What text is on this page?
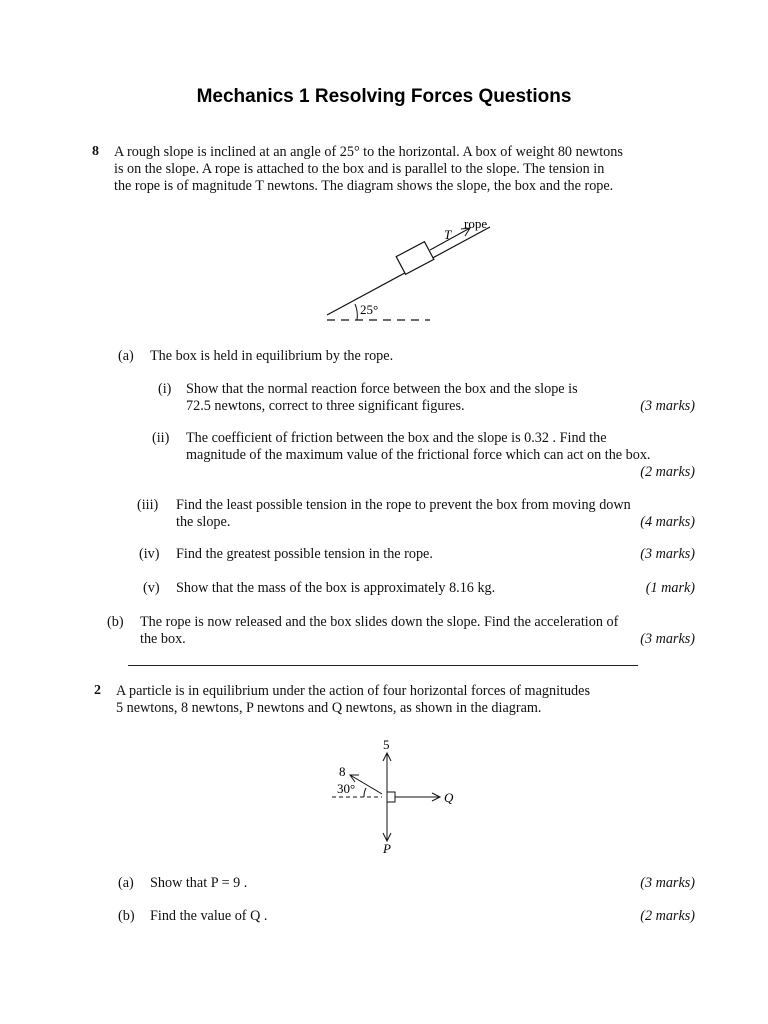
Mechanics 1 Resolving Forces Questions
8 A rough slope is inclined at an angle of 25° to the horizontal. A box of weight 80 newtons
is on the slope. A rope is attached to the box and is parallel to the slope. The tension in
the rope is of magnitude T newtons. The diagram shows the slope, the box and the rope.
25°
T
rope
(a) The box is held in equilibrium by the rope.
(i) Show that the normal reaction force between the box and the slope is
72.5 newtons, correct to three significant figures.	(3 marks)
(ii) The coefficient of friction between the box and the slope is 0.32 . Find the
magnitude of the maximum value of the frictional force which can act on the box.
(2 marks)
(iii) Find the least possible tension in the rope to prevent the box from moving down
the slope.	(4 marks)
(iv) Find the greatest possible tension in the rope.	(3 marks)
(v) Show that the mass of the box is approximately 8.16 kg.	(1 mark)
(b) The rope is now released and the box slides down the slope. Find the acceleration of
the box.	(3 marks)
2 A particle is in equilibrium under the action of four horizontal forces of magnitudes
5 newtons, 8 newtons, P newtons and Q newtons, as shown in the diagram.
5
Q
P
8
30°
(a) Show that P = 9 .	(3 marks)
(b) Find the value of Q .	(2 marks)
